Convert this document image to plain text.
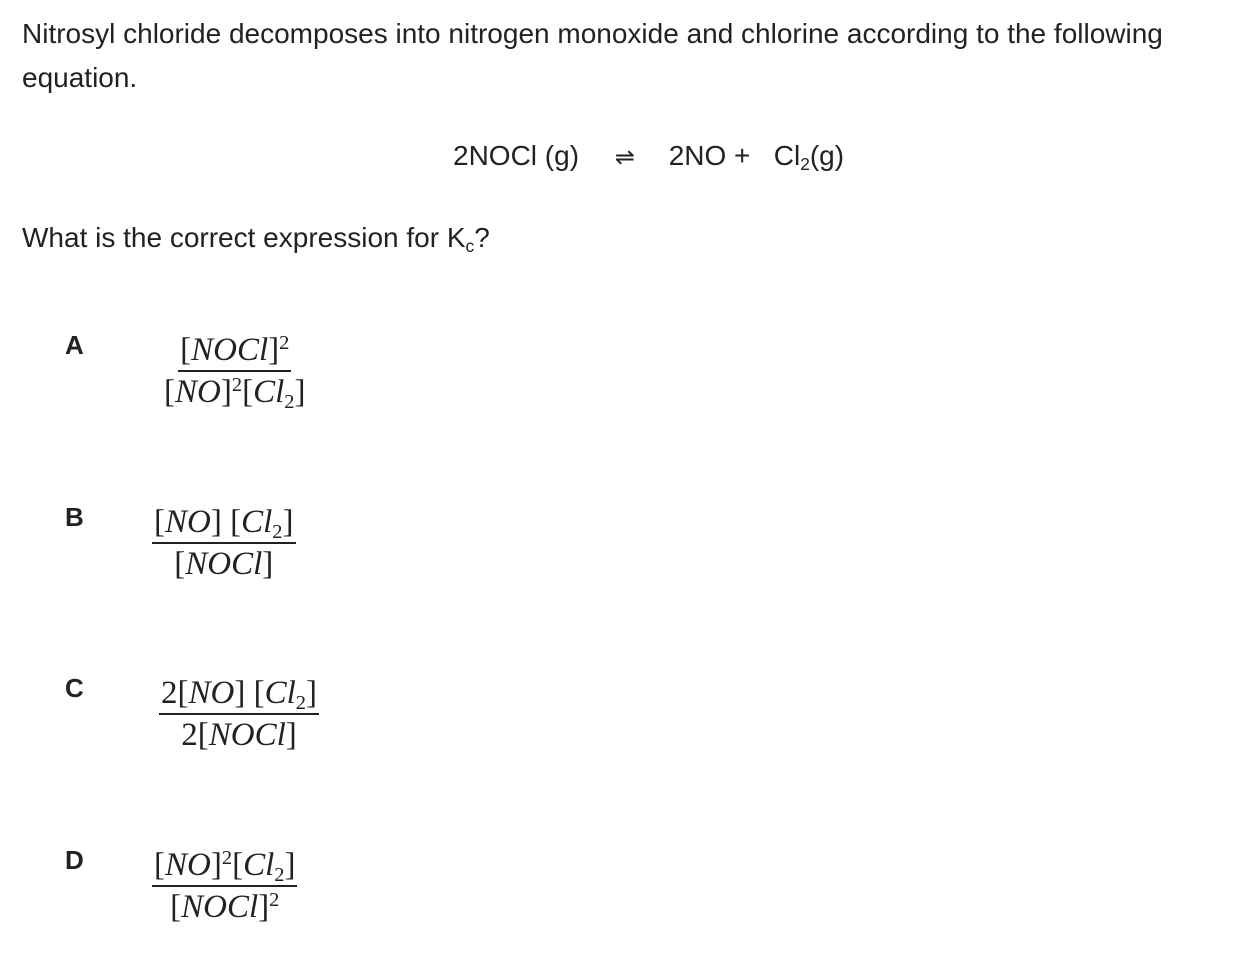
Nitrosyl chloride decomposes into nitrogen monoxide and chlorine according to the following equation.

2NOCl (g) ⇌ $2NO + Cl_2(g)$
What is the correct expression for $K_c$?
A	[NOCl]$^2$
$[NO]^2[Cl_2]$
B [NO] $[Cl_2]$
[NOCl]
C 2[NO] $[Cl_2]$
2[NOCl]
D $[NO]^2[Cl_2]$
[NOCl]$^2$
